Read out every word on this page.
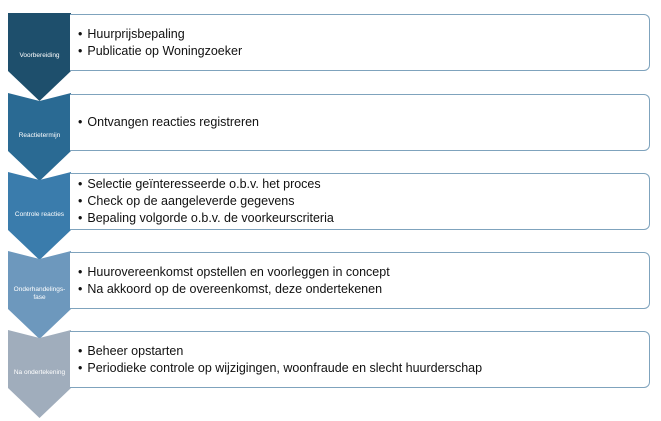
Voorbereiding
• Huurprijsbepaling
• Publicatie op Woningzoeker
Reactietermijn
• Ontvangen reacties registreren
Controle reacties
• Selectie geïnteresseerde o.b.v. het proces
• Check op de aangeleverde gegevens
• Bepaling volgorde o.b.v. de voorkeurscriteria
Onderhandelings-fase
• Huurovereenkomst opstellen en voorleggen in concept
• Na akkoord op de overeenkomst, deze ondertekenen
Na ondertekening
• Beheer opstarten
• Periodieke controle op wijzigingen, woonfraude en slecht huurderschap
